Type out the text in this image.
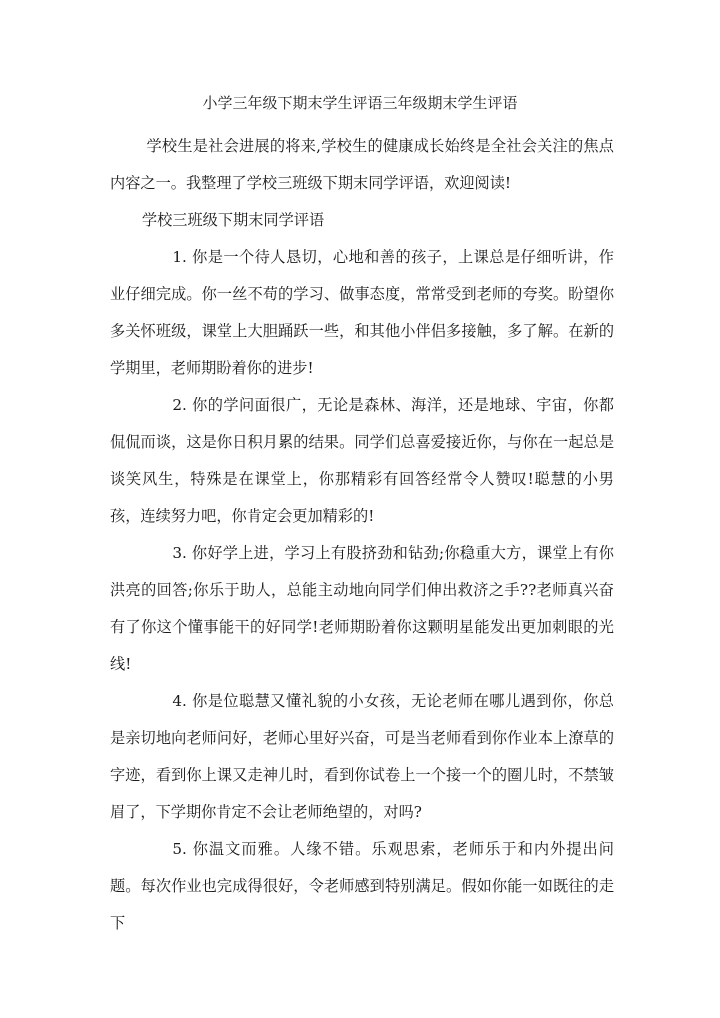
小学三年级下期末学生评语三年级期末学生评语

学校生是社会进展的将来,学校生的健康成长始终是全社会关注的焦点内容之一。我整理了学校三班级下期末同学评语，欢迎阅读!

学校三班级下期末同学评语

1. 你是一个待人恳切，心地和善的孩子，上课总是仔细听讲，作业仔细完成。你一丝不苟的学习、做事态度，常常受到老师的夸奖。盼望你多关怀班级，课堂上大胆踊跃一些，和其他小伴侣多接触，多了解。在新的学期里，老师期盼着你的进步!

2. 你的学问面很广，无论是森林、海洋，还是地球、宇宙，你都侃侃而谈，这是你日积月累的结果。同学们总喜爱接近你，与你在一起总是谈笑风生，特殊是在课堂上，你那精彩有回答经常令人赞叹!聪慧的小男孩，连续努力吧，你肯定会更加精彩的!

3. 你好学上进，学习上有股挤劲和钻劲;你稳重大方，课堂上有你洪亮的回答;你乐于助人，总能主动地向同学们伸出救济之手??老师真兴奋有了你这个懂事能干的好同学!老师期盼着你这颗明星能发出更加刺眼的光线!

4. 你是位聪慧又懂礼貌的小女孩，无论老师在哪儿遇到你，你总是亲切地向老师问好，老师心里好兴奋，可是当老师看到你作业本上潦草的字迹，看到你上课又走神儿时，看到你试卷上一个接一个的圈儿时，不禁皱眉了，下学期你肯定不会让老师绝望的，对吗?

5. 你温文而雅。人缘不错。乐观思索，老师乐于和内外提出问题。每次作业也完成得很好，令老师感到特别满足。假如你能一如既往的走下
